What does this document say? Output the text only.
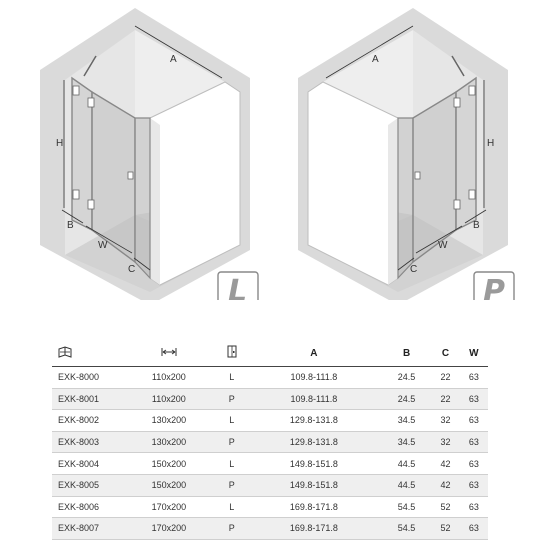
A
H
B
W
C
L
A
H
B
W
C
P
			A	B	C	W
EXK-8000	110x200	L	109.8-111.8	24.5	22	63
EXK-8001	110x200	P	109.8-111.8	24.5	22	63
EXK-8002	130x200	L	129.8-131.8	34.5	32	63
EXK-8003	130x200	P	129.8-131.8	34.5	32	63
EXK-8004	150x200	L	149.8-151.8	44.5	42	63
EXK-8005	150x200	P	149.8-151.8	44.5	42	63
EXK-8006	170x200	L	169.8-171.8	54.5	52	63
EXK-8007	170x200	P	169.8-171.8	54.5	52	63
